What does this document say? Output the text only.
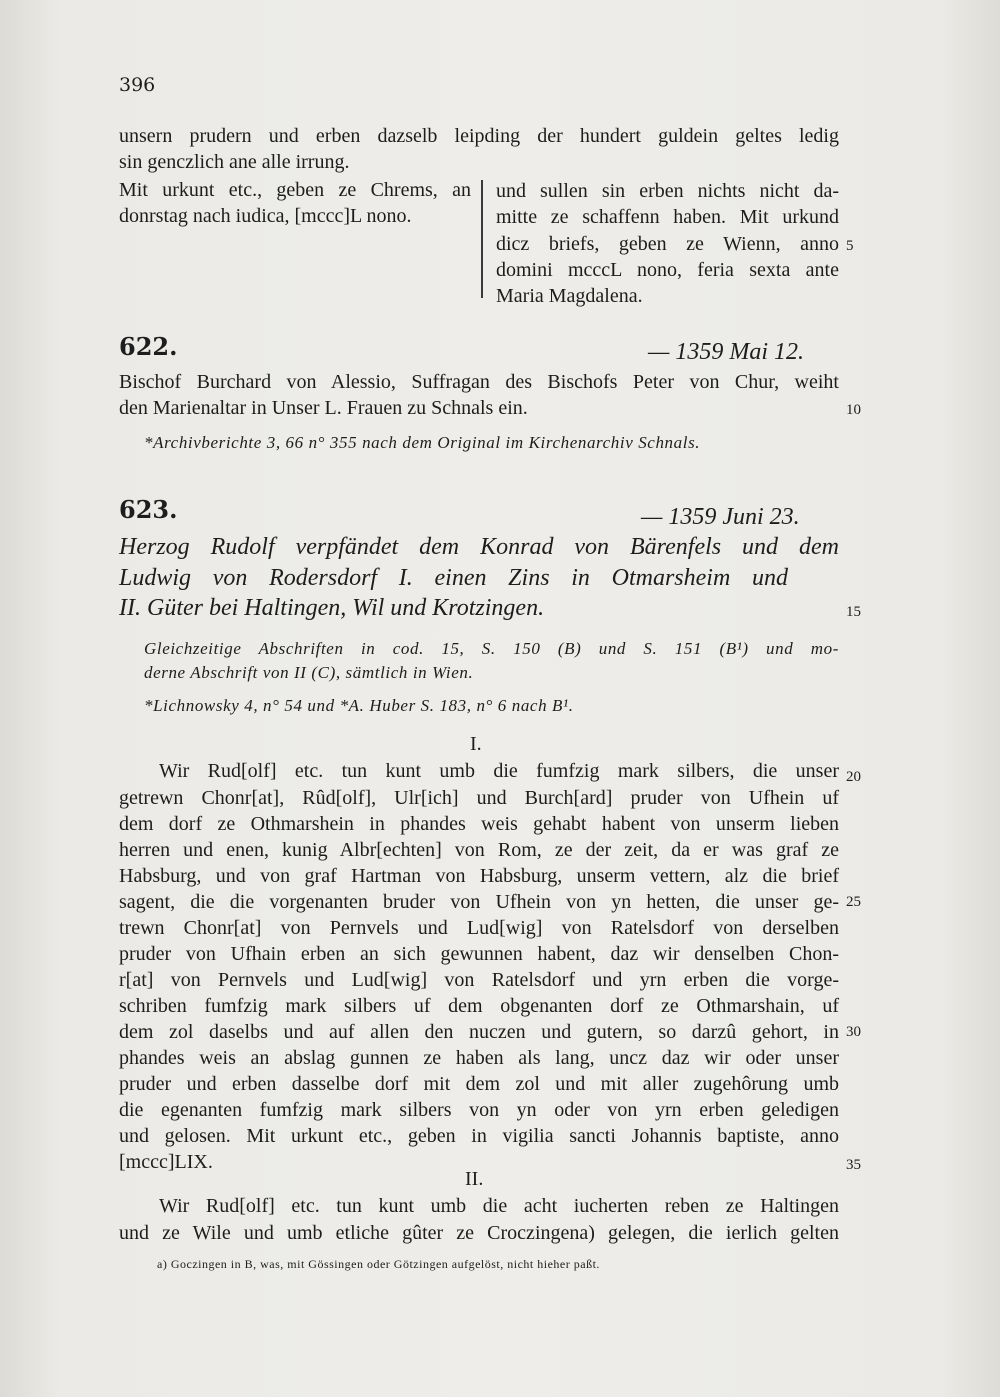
396
unsern prudern und erben dazselb leipding der hundert guldein geltes ledig
sin genczlich ane alle irrung.
Mit urkunt etc., geben ze Chrems, an
donrstag nach iudica, [mccc]L nono.
und sullen sin erben nichts nicht da-
mitte ze schaffenn haben. Mit urkund
dicz briefs, geben ze Wienn, anno
domini mcccL nono, feria sexta ante
Maria Magdalena.
622.	— 1359 Mai 12.
Bischof Burchard von Alessio, Suffragan des Bischofs Peter von Chur, weiht
den Marienaltar in Unser L. Frauen zu Schnals ein.
*Archivberichte 3, 66 n° 355 nach dem Original im Kirchenarchiv Schnals.
623.	— 1359 Juni 23.
Herzog Rudolf verpfändet dem Konrad von Bärenfels und dem
Ludwig von Rodersdorf I. einen Zins in Otmarsheim und
II. Güter bei Haltingen, Wil und Krotzingen.
Gleichzeitige Abschriften in cod. 15, S. 150 (B) und S. 151 (B¹) und mo-
derne Abschrift von II (C), sämtlich in Wien.
*Lichnowsky 4, n° 54 und *A. Huber S. 183, n° 6 nach B¹.
I.
Wir Rud[olf] etc. tun kunt umb die fumfzig mark silbers, die unser
getrewn Chonr[at], Rûd[olf], Ulr[ich] und Burch[ard] pruder von Ufhein uf
dem dorf ze Othmarshein in phandes weis gehabt habent von unserm lieben
herren und enen, kunig Albr[echten] von Rom, ze der zeit, da er was graf ze
Habsburg, und von graf Hartman von Habsburg, unserm vettern, alz die brief
sagent, die die vorgenanten bruder von Ufhein von yn hetten, die unser ge-
trewn Chonr[at] von Pernvels und Lud[wig] von Ratelsdorf von derselben
pruder von Ufhain erben an sich gewunnen habent, daz wir denselben Chon-
r[at] von Pernvels und Lud[wig] von Ratelsdorf und yrn erben die vorge-
schriben fumfzig mark silbers uf dem obgenanten dorf ze Othmarshain, uf
dem zol daselbs und auf allen den nuczen und gutern, so darzû gehort, in
phandes weis an abslag gunnen ze haben als lang, uncz daz wir oder unser
pruder und erben dasselbe dorf mit dem zol und mit aller zugehôrung umb
die egenanten fumfzig mark silbers von yn oder von yrn erben geledigen
und gelosen. Mit urkunt etc., geben in vigilia sancti Johannis baptiste, anno
[mccc]LIX.
II.
Wir Rud[olf] etc. tun kunt umb die acht iucherten reben ze Haltingen
und ze Wile und umb etliche gûter ze Croczingena) gelegen, die ierlich gelten
a) Goczingen in B, was, mit Gössingen oder Götzingen aufgelöst, nicht hieher paßt.
5
10
15
20
25
30
35
